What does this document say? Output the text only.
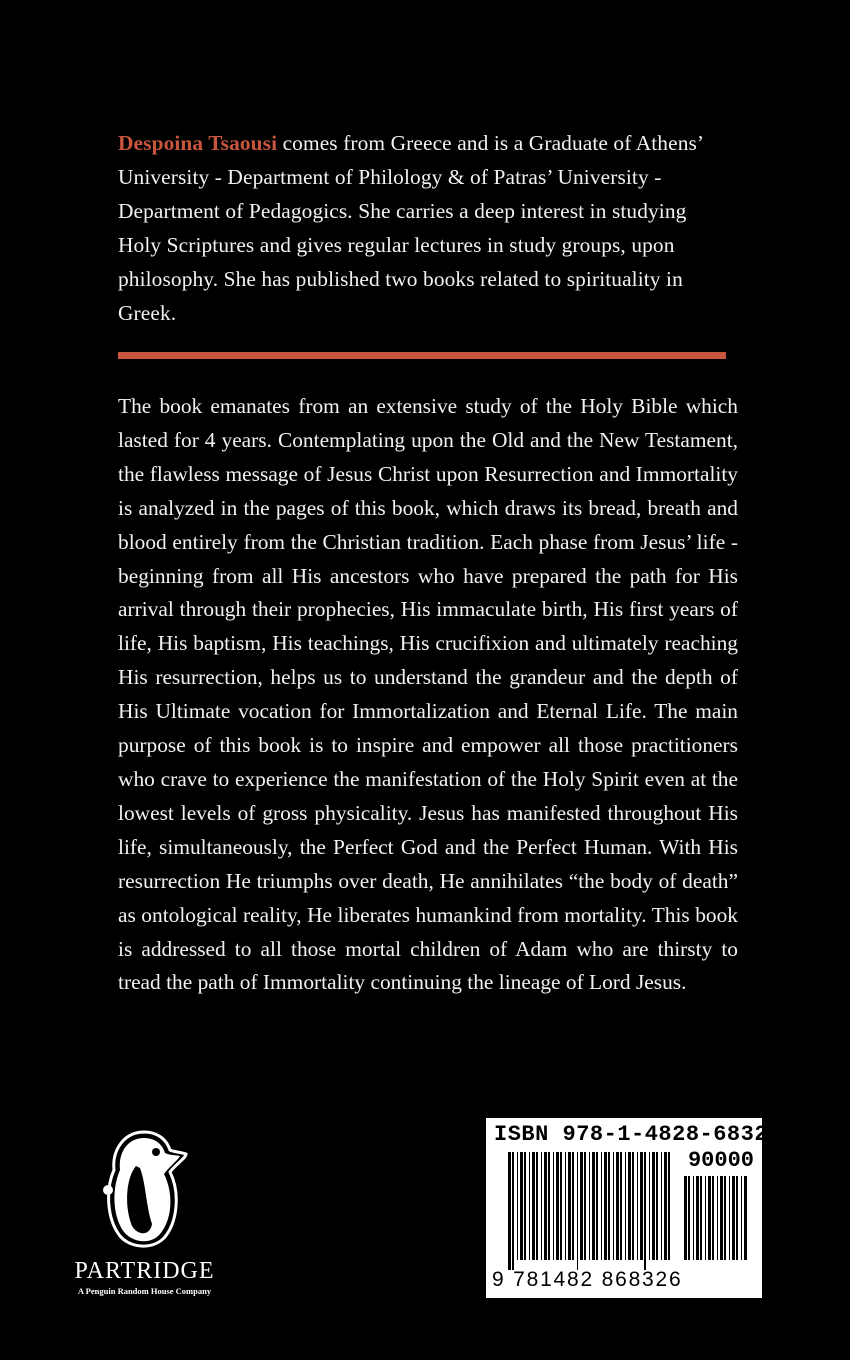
Despoina Tsaousi comes from Greece and is a Graduate of Athens’ University - Department of Philology & of Patras’ University - Department of Pedagogics. She carries a deep interest in studying Holy Scriptures and gives regular lectures in study groups, upon philosophy. She has published two books related to spirituality in Greek.

The book emanates from an extensive study of the Holy Bible which lasted for 4 years. Contemplating upon the Old and the New Testament, the flawless message of Jesus Christ upon Resurrection and Immortality is analyzed in the pages of this book, which draws its bread, breath and blood entirely from the Christian tradition. Each phase from Jesus’ life - beginning from all His ancestors who have prepared the path for His arrival through their prophecies, His immaculate birth, His first years of life, His baptism, His teachings, His crucifixion and ultimately reaching His resurrection, helps us to understand the grandeur and the depth of His Ultimate vocation for Immortalization and Eternal Life. The main purpose of this book is to inspire and empower all those practitioners who crave to experience the manifestation of the Holy Spirit even at the lowest levels of gross physicality. Jesus has manifested throughout His life, simultaneously, the Perfect God and the Perfect Human. With His resurrection He triumphs over death, He annihilates “the body of death” as ontological reality, He liberates humankind from mortality. This book is addressed to all those mortal children of Adam who are thirsty to tread the path of Immortality continuing the lineage of Lord Jesus.

PARTRIDGE
A Penguin Random House Company
ISBN 978-1-4828-6832-6
90000
9 781482 868326
